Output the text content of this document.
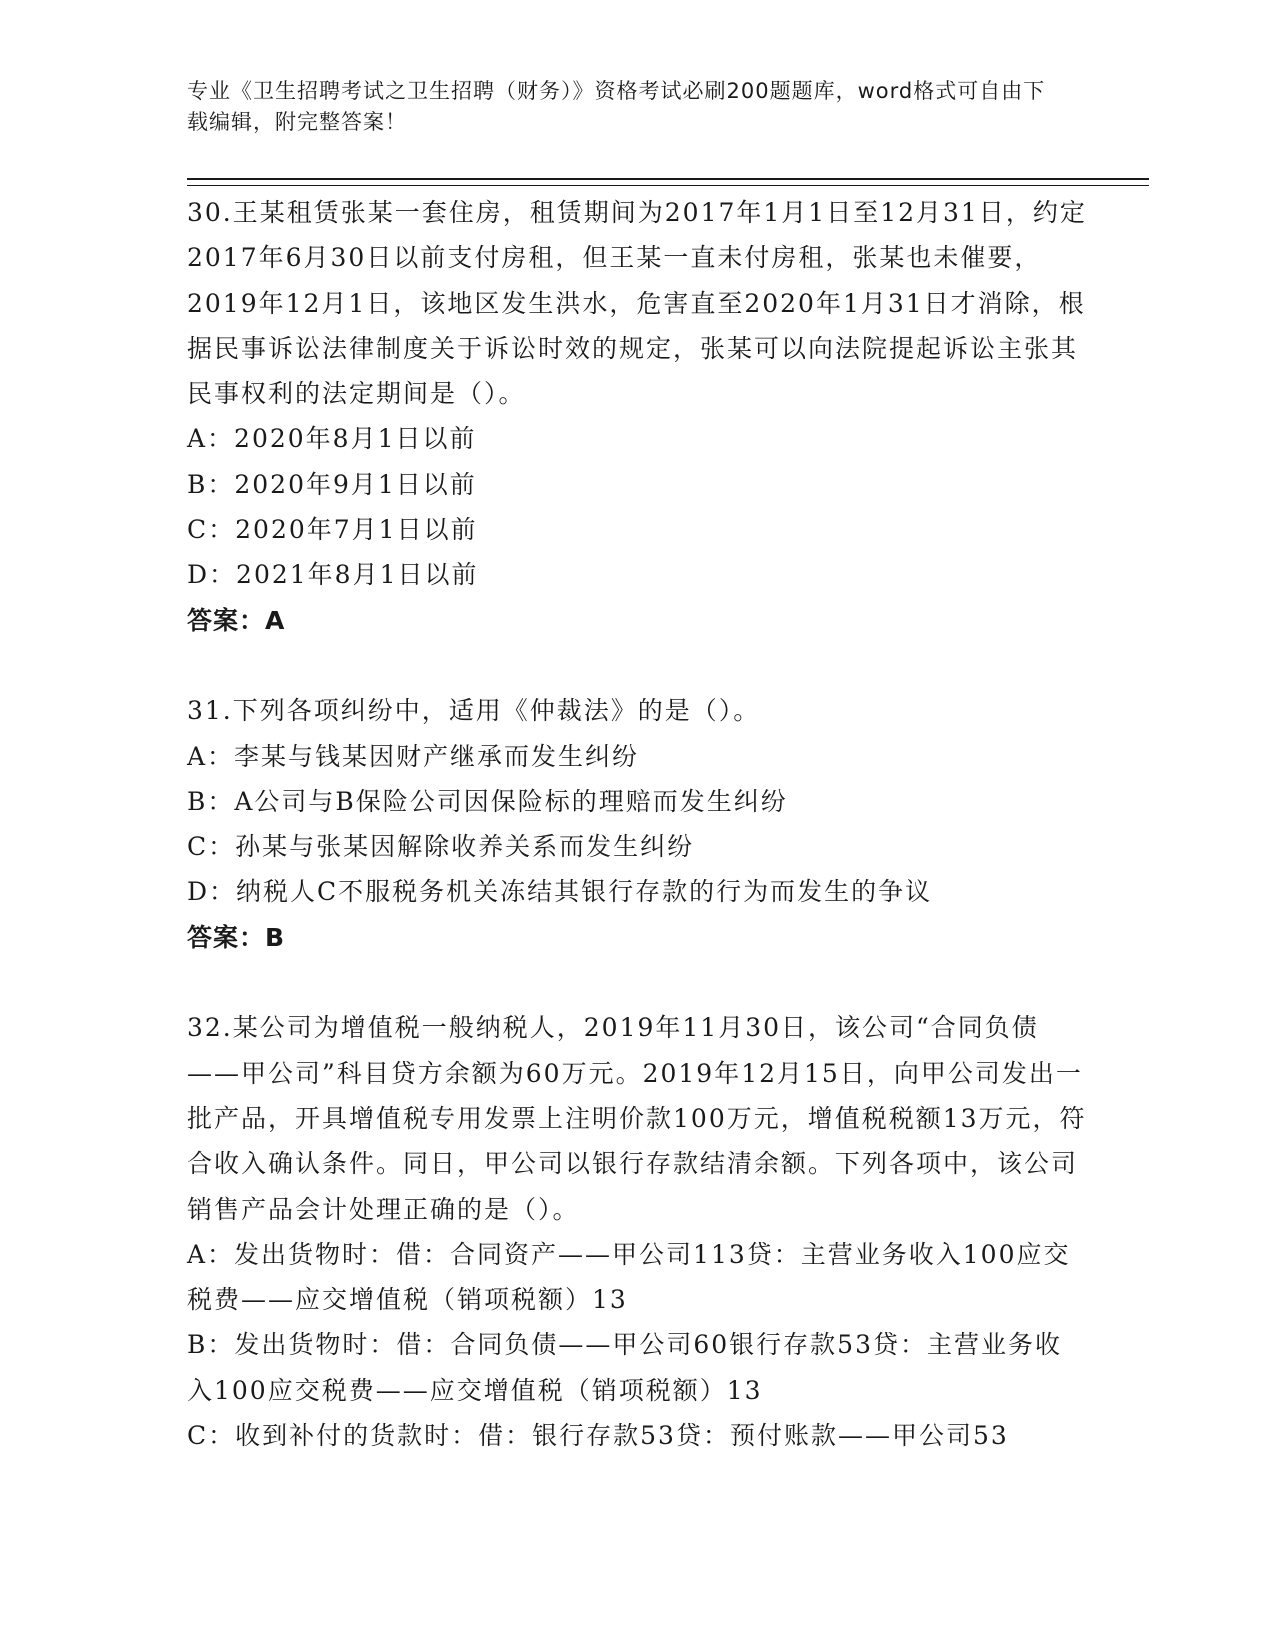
专业《卫生招聘考试之卫生招聘（财务）》资格考试必刷200题题库，word格式可自由下载编辑，附完整答案！
30.王某租赁张某一套住房，租赁期间为2017年1月1日至12月31日，约定2017年6月30日以前支付房租，但王某一直未付房租，张某也未催要，2019年12月1日，该地区发生洪水，危害直至2020年1月31日才消除，根据民事诉讼法律制度关于诉讼时效的规定，张某可以向法院提起诉讼主张其民事权利的法定期间是（）。
A：2020年8月1日以前
B：2020年9月1日以前
C：2020年7月1日以前
D：2021年8月1日以前
答案：A
31.下列各项纠纷中，适用《仲裁法》的是（）。
A：李某与钱某因财产继承而发生纠纷
B：A公司与B保险公司因保险标的理赔而发生纠纷
C：孙某与张某因解除收养关系而发生纠纷
D：纳税人C不服税务机关冻结其银行存款的行为而发生的争议
答案：B
32.某公司为增值税一般纳税人，2019年11月30日，该公司“合同负债——甲公司”科目贷方余额为60万元。2019年12月15日，向甲公司发出一批产品，开具增值税专用发票上注明价款100万元，增值税税额13万元，符合收入确认条件。同日，甲公司以银行存款结清余额。下列各项中，该公司销售产品会计处理正确的是（）。
A：发出货物时：借：合同资产——甲公司113贷：主营业务收入100应交税费——应交增值税（销项税额）13
B：发出货物时：借：合同负债——甲公司60银行存款53贷：主营业务收入100应交税费——应交增值税（销项税额）13
C：收到补付的货款时：借：银行存款53贷：预付账款——甲公司53
